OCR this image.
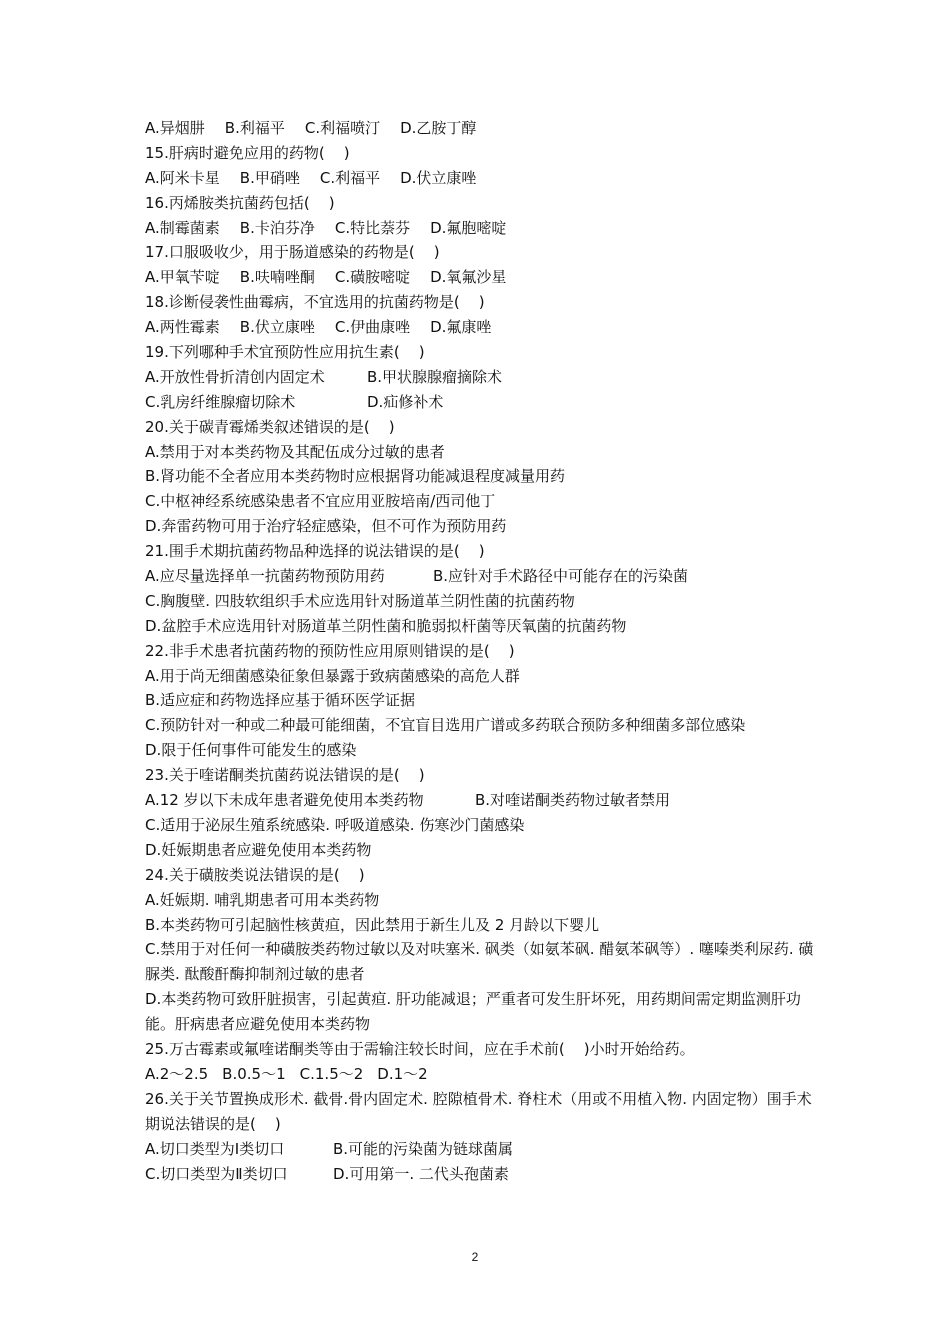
A.异烟肼 B.利福平 C.利福喷汀 D.乙胺丁醇
15.肝病时避免应用的药物(    )
A.阿米卡星 B.甲硝唑 C.利福平 D.伏立康唑
16.丙烯胺类抗菌药包括(    )
A.制霉菌素 B.卡泊芬净 C.特比萘芬 D.氟胞嘧啶
17.口服吸收少，用于肠道感染的药物是(    )
A.甲氧苄啶 B.呋喃唑酮 C.磺胺嘧啶 D.氧氟沙星
18.诊断侵袭性曲霉病，不宜选用的抗菌药物是(    )
A.两性霉素 B.伏立康唑 C.伊曲康唑 D.氟康唑
19.下列哪种手术宜预防性应用抗生素(    )
A.开放性骨折清创内固定术	B.甲状腺腺瘤摘除术
C.乳房纤维腺瘤切除术	D.疝修补术
20.关于碳青霉烯类叙述错误的是(    )
A.禁用于对本类药物及其配伍成分过敏的患者
B.肾功能不全者应用本类药物时应根据肾功能减退程度减量用药
C.中枢神经系统感染患者不宜应用亚胺培南/西司他丁
D.奔雷药物可用于治疗轻症感染，但不可作为预防用药
21.围手术期抗菌药物品种选择的说法错误的是(    )
A.应尽量选择单一抗菌药物预防用药	B.应针对手术路径中可能存在的污染菌
C.胸腹壁. 四肢软组织手术应选用针对肠道革兰阴性菌的抗菌药物
D.盆腔手术应选用针对肠道革兰阴性菌和脆弱拟杆菌等厌氧菌的抗菌药物
22.非手术患者抗菌药物的预防性应用原则错误的是(    )
A.用于尚无细菌感染征象但暴露于致病菌感染的高危人群
B.适应症和药物选择应基于循环医学证据
C.预防针对一种或二种最可能细菌，不宜盲目选用广谱或多药联合预防多种细菌多部位感染
D.限于任何事件可能发生的感染
23.关于喹诺酮类抗菌药说法错误的是(    )
A.12 岁以下未成年患者避免使用本类药物	B.对喹诺酮类药物过敏者禁用
C.适用于泌尿生殖系统感染. 呼吸道感染. 伤寒沙门菌感染
D.妊娠期患者应避免使用本类药物
24.关于磺胺类说法错误的是(    )
A.妊娠期. 哺乳期患者可用本类药物
B.本类药物可引起脑性核黄疸，因此禁用于新生儿及 2 月龄以下婴儿
C.禁用于对任何一种磺胺类药物过敏以及对呋塞米. 砜类（如氨苯砜. 醋氨苯砜等）. 噻嗪类利尿药. 磺脲类. 酞酸酐酶抑制剂过敏的患者
D.本类药物可致肝脏损害，引起黄疸. 肝功能减退；严重者可发生肝坏死，用药期间需定期监测肝功能。肝病患者应避免使用本类药物
25.万古霉素或氟喹诺酮类等由于需输注较长时间，应在手术前(    )小时开始给药。
A.2～2.5 B.0.5～1 C.1.5～2 D.1～2
26.关于关节置换成形术. 截骨.骨内固定术. 腔隙植骨术. 脊柱术（用或不用植入物. 内固定物）围手术期说法错误的是(    )
A.切口类型为Ⅰ类切口	B.可能的污染菌为链球菌属
C.切口类型为Ⅱ类切口	D.可用第一. 二代头孢菌素
2
